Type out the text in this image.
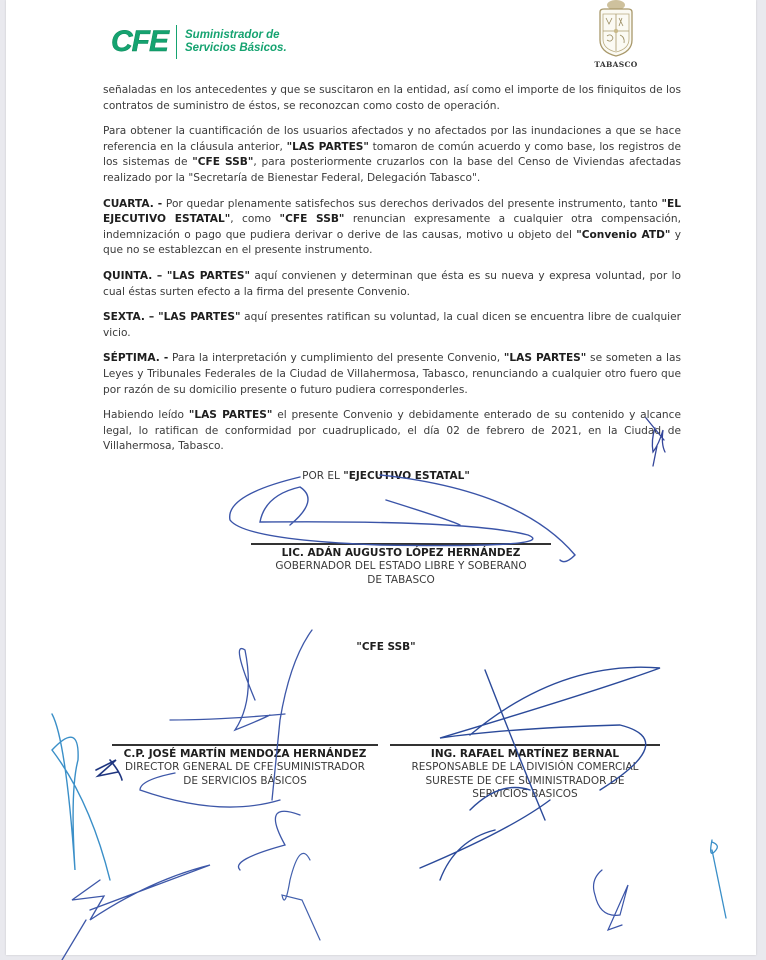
CFE Suministrador de
Servicios Básicos.
TABASCO

señaladas en los antecedentes y que se suscitaron en la entidad, así como el importe de los finiquitos de los contratos de suministro de éstos, se reconozcan como costo de operación.

Para obtener la cuantificación de los usuarios afectados y no afectados por las inundaciones a que se hace referencia en la cláusula anterior, "LAS PARTES" tomaron de común acuerdo y como base, los registros de los sistemas de "CFE SSB", para posteriormente cruzarlos con la base del Censo de Viviendas afectadas realizado por la "Secretaría de Bienestar Federal, Delegación Tabasco".

CUARTA. - Por quedar plenamente satisfechos sus derechos derivados del presente instrumento, tanto "EL EJECUTIVO ESTATAL", como "CFE SSB" renuncian expresamente a cualquier otra compensación, indemnización o pago que pudiera derivar o derive de las causas, motivo u objeto del "Convenio ATD" y que no se establezcan en el presente instrumento.

QUINTA. – "LAS PARTES" aquí convienen y determinan que ésta es su nueva y expresa voluntad, por lo cual éstas surten efecto a la firma del presente Convenio.

SEXTA. – "LAS PARTES" aquí presentes ratifican su voluntad, la cual dicen se encuentra libre de cualquier vicio.

SÉPTIMA. - Para la interpretación y cumplimiento del presente Convenio, "LAS PARTES" se someten a las Leyes y Tribunales Federales de la Ciudad de Villahermosa, Tabasco, renunciando a cualquier otro fuero que por razón de su domicilio presente o futuro pudiera corresponderles.

Habiendo leído "LAS PARTES" el presente Convenio y debidamente enterado de su contenido y alcance legal, lo ratifican de conformidad por cuadruplicado, el día 02 de febrero de 2021, en la Ciudad de Villahermosa, Tabasco.

POR EL "EJECUTIVO ESTATAL"
LIC. ADÁN AUGUSTO LÓPEZ HERNÁNDEZ
GOBERNADOR DEL ESTADO LIBRE Y SOBERANO
DE TABASCO
"CFE SSB"
C.P. JOSÉ MARTÍN MENDOZA HERNÁNDEZ
DIRECTOR GENERAL DE CFE SUMINISTRADOR
DE SERVICIOS BÁSICOS
ING. RAFAEL MARTÍNEZ BERNAL
RESPONSABLE DE LA DIVISIÓN COMERCIAL
SURESTE DE CFE SUMINISTRADOR DE
SERVICIOS BASICOS
